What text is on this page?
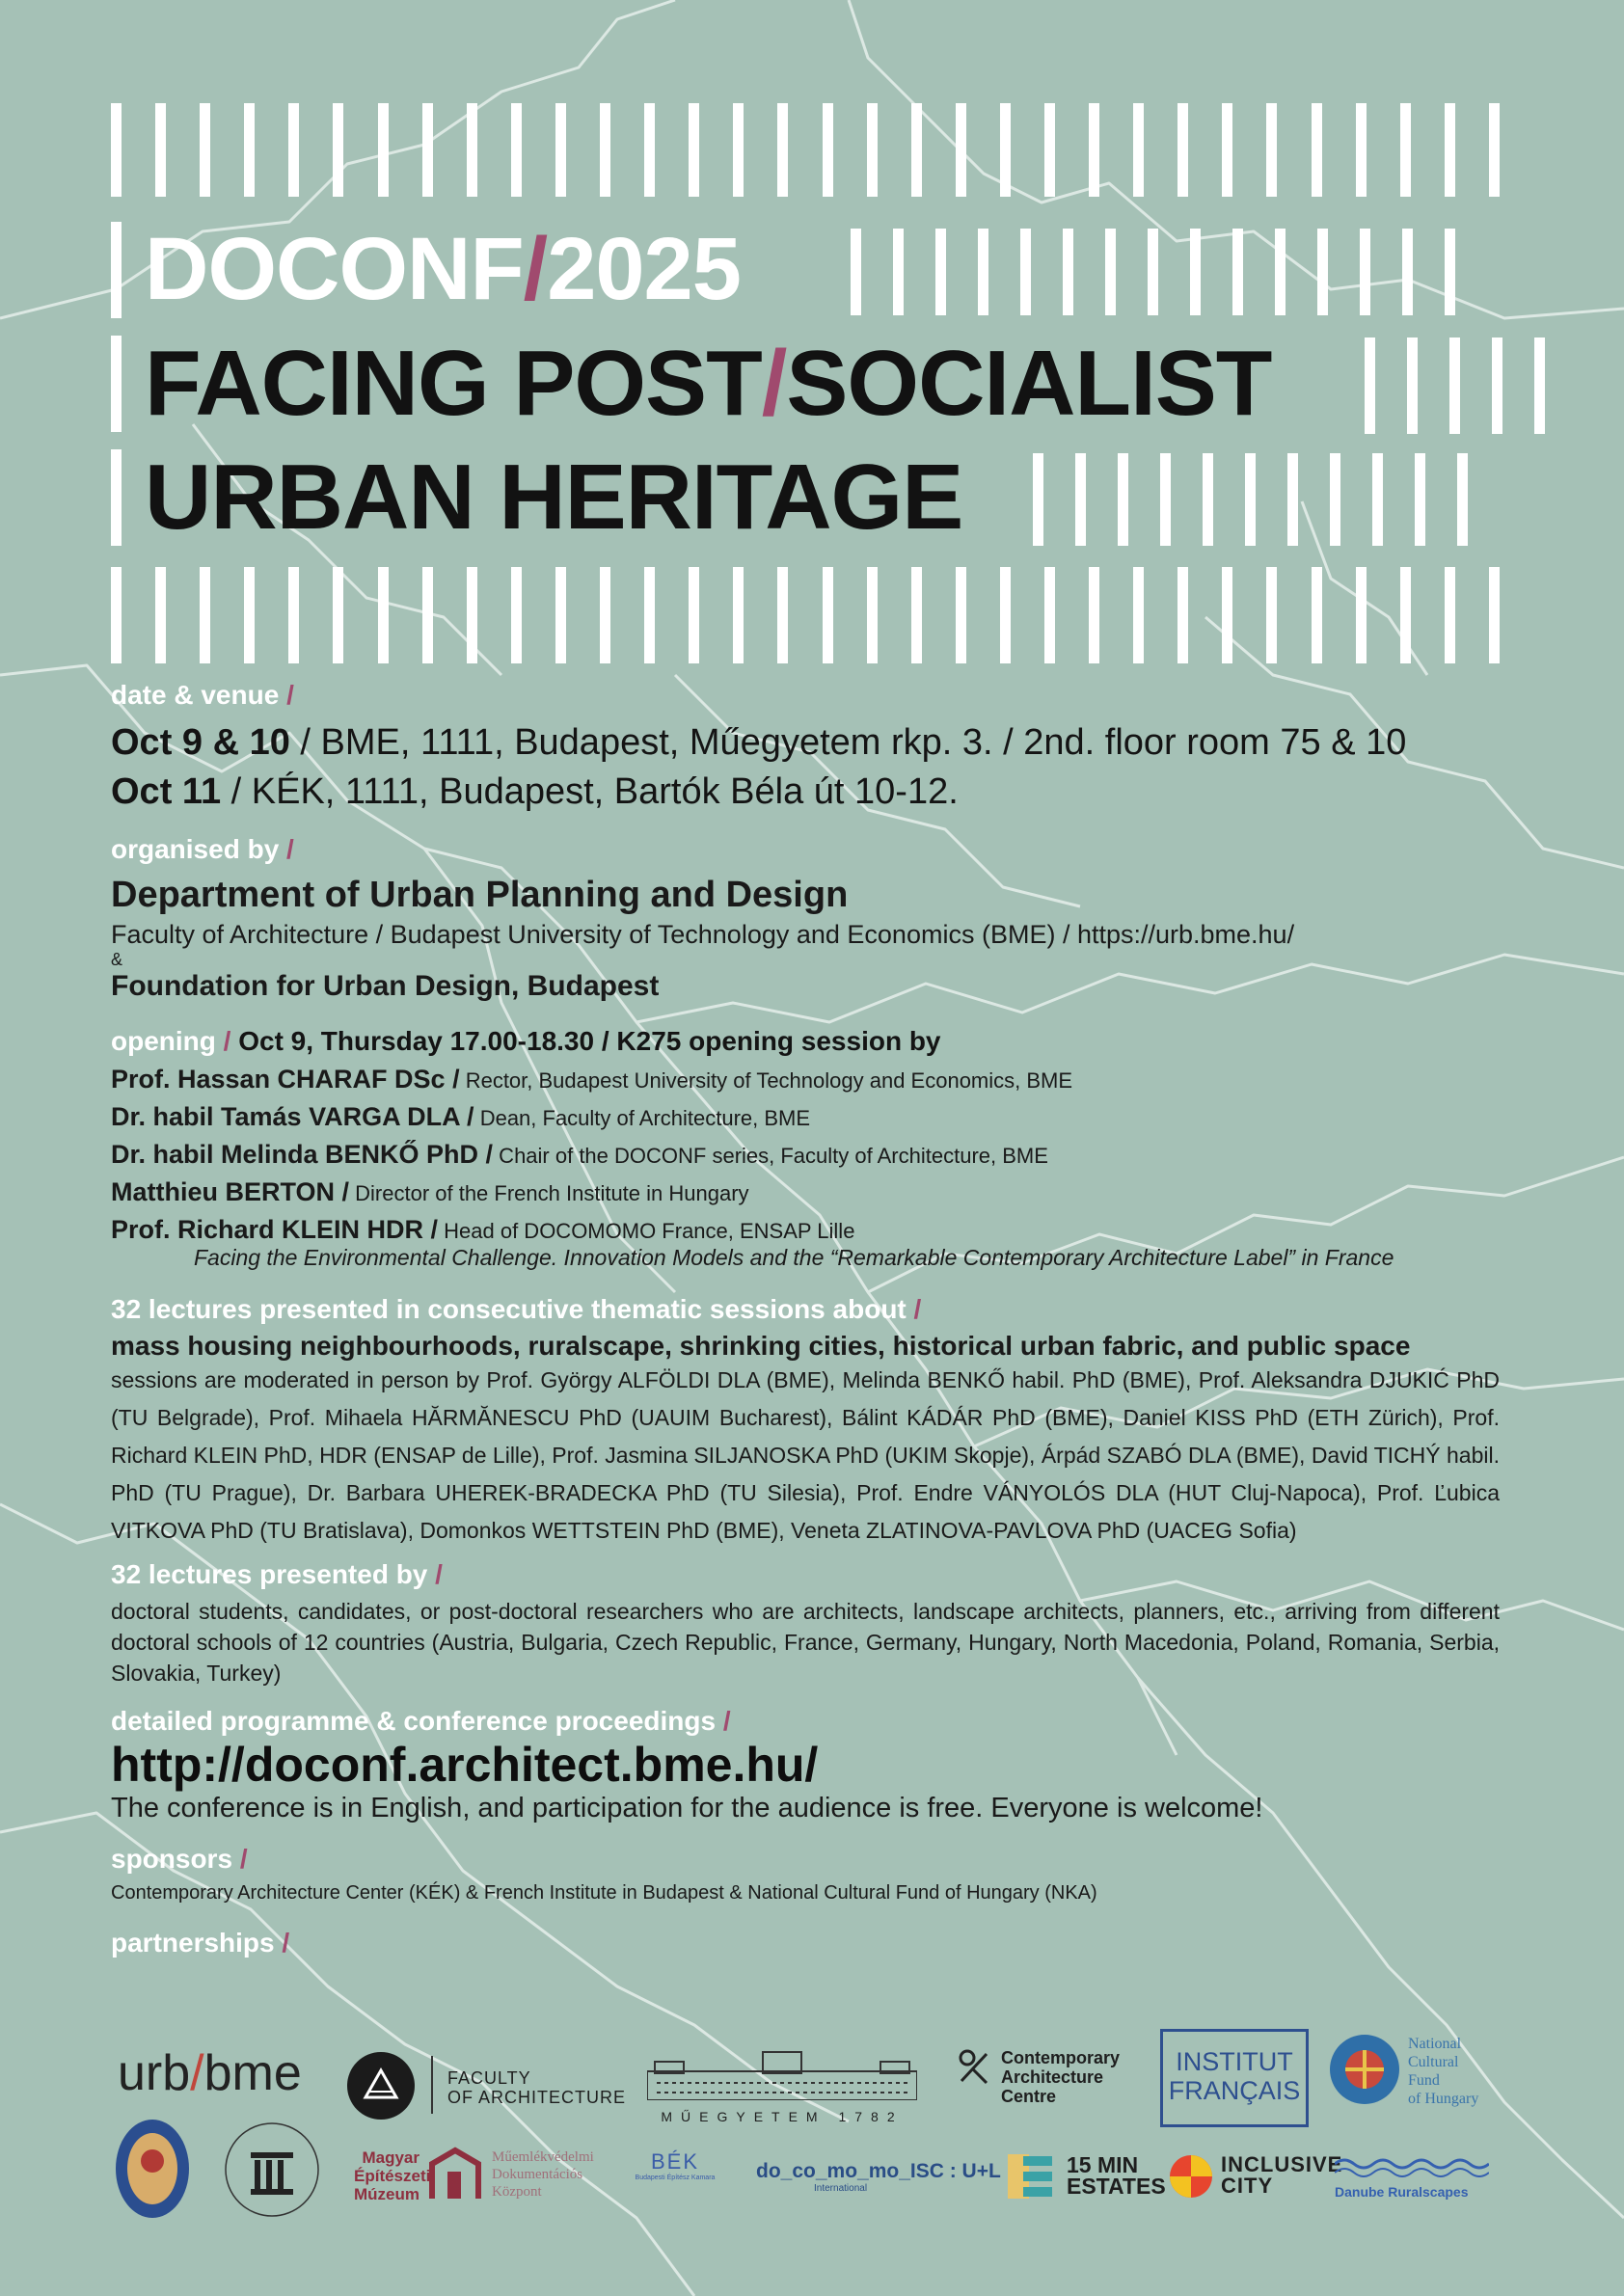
DOCONF/2025
FACING POST/SOCIALIST
URBAN HERITAGE
date & venue /
Oct 9 & 10 / BME, 1111, Budapest, Műegyetem rkp. 3. / 2nd. floor room 75 & 10
Oct 11 / KÉK, 1111, Budapest, Bartók Béla út 10-12.
organised by /
Department of Urban Planning and Design
Faculty of Architecture / Budapest University of Technology and Economics (BME) / https://urb.bme.hu/
&
Foundation for Urban Design, Budapest
opening / Oct 9, Thursday 17.00-18.30 / K275 opening session by
Prof. Hassan CHARAF DSc / Rector, Budapest University of Technology and Economics, BME
Dr. habil Tamás VARGA DLA / Dean, Faculty of Architecture, BME
Dr. habil Melinda BENKŐ PhD / Chair of the DOCONF series, Faculty of Architecture, BME
Matthieu BERTON / Director of the French Institute in Hungary
Prof. Richard KLEIN HDR / Head of DOCOMOMO France, ENSAP Lille
Facing the Environmental Challenge. Innovation Models and the “Remarkable Contemporary Architecture Label” in France
32 lectures presented in consecutive thematic sessions about /
mass housing neighbourhoods, ruralscape, shrinking cities, historical urban fabric, and public space
sessions are moderated in person by Prof. György ALFÖLDI DLA (BME), Melinda BENKŐ habil. PhD (BME), Prof. Aleksandra DJUKIĆ PhD (TU Belgrade), Prof. Mihaela HĂRMĂNESCU PhD (UAUIM Bucharest), Bálint KÁDÁR PhD (BME), Daniel KISS PhD (ETH Zürich), Prof. Richard KLEIN PhD, HDR (ENSAP de Lille), Prof. Jasmina SILJANOSKA PhD (UKIM Skopje), Árpád SZABÓ DLA (BME), David TICHÝ habil. PhD (TU Prague), Dr. Barbara UHEREK-BRADECKA PhD (TU Silesia), Prof. Endre VÁNYOLÓS DLA (HUT Cluj-Napoca), Prof. Ľubica VITKOVA PhD (TU Bratislava), Domonkos WETTSTEIN PhD (BME), Veneta ZLATINOVA-PAVLOVA PhD (UACEG Sofia)
32 lectures presented by /
doctoral students, candidates, or post-doctoral researchers who are architects, landscape architects, planners, etc., arriving from different doctoral schools of 12 countries (Austria, Bulgaria, Czech Republic, France, Germany, Hungary, North Macedonia, Poland, Romania, Serbia, Slovakia, Turkey)
detailed programme & conference proceedings /
http://doconf.architect.bme.hu/
The conference is in English, and participation for the audience is free. Everyone is welcome!
sponsors /
Contemporary Architecture Center (KÉK) & French Institute in Budapest & National Cultural Fund of Hungary (NKA)
partnerships /
urb/bme	FACULTY
OF ARCHITECTURE
MŰEGYETEM 1782
Contemporary
Architecture
Centre
INSTITUT
FRANÇAIS
National
Cultural
Fund
of Hungary
Magyar
Építészeti
Múzeum
Műemlékvédelmi
Dokumentációs
Központ
BÉK
Budapesti Építész Kamara	do_co_mo_mo_ISC : U+L
International
15 MIN
ESTATES
INCLUSIVE
CITY	Danube Ruralscapes
